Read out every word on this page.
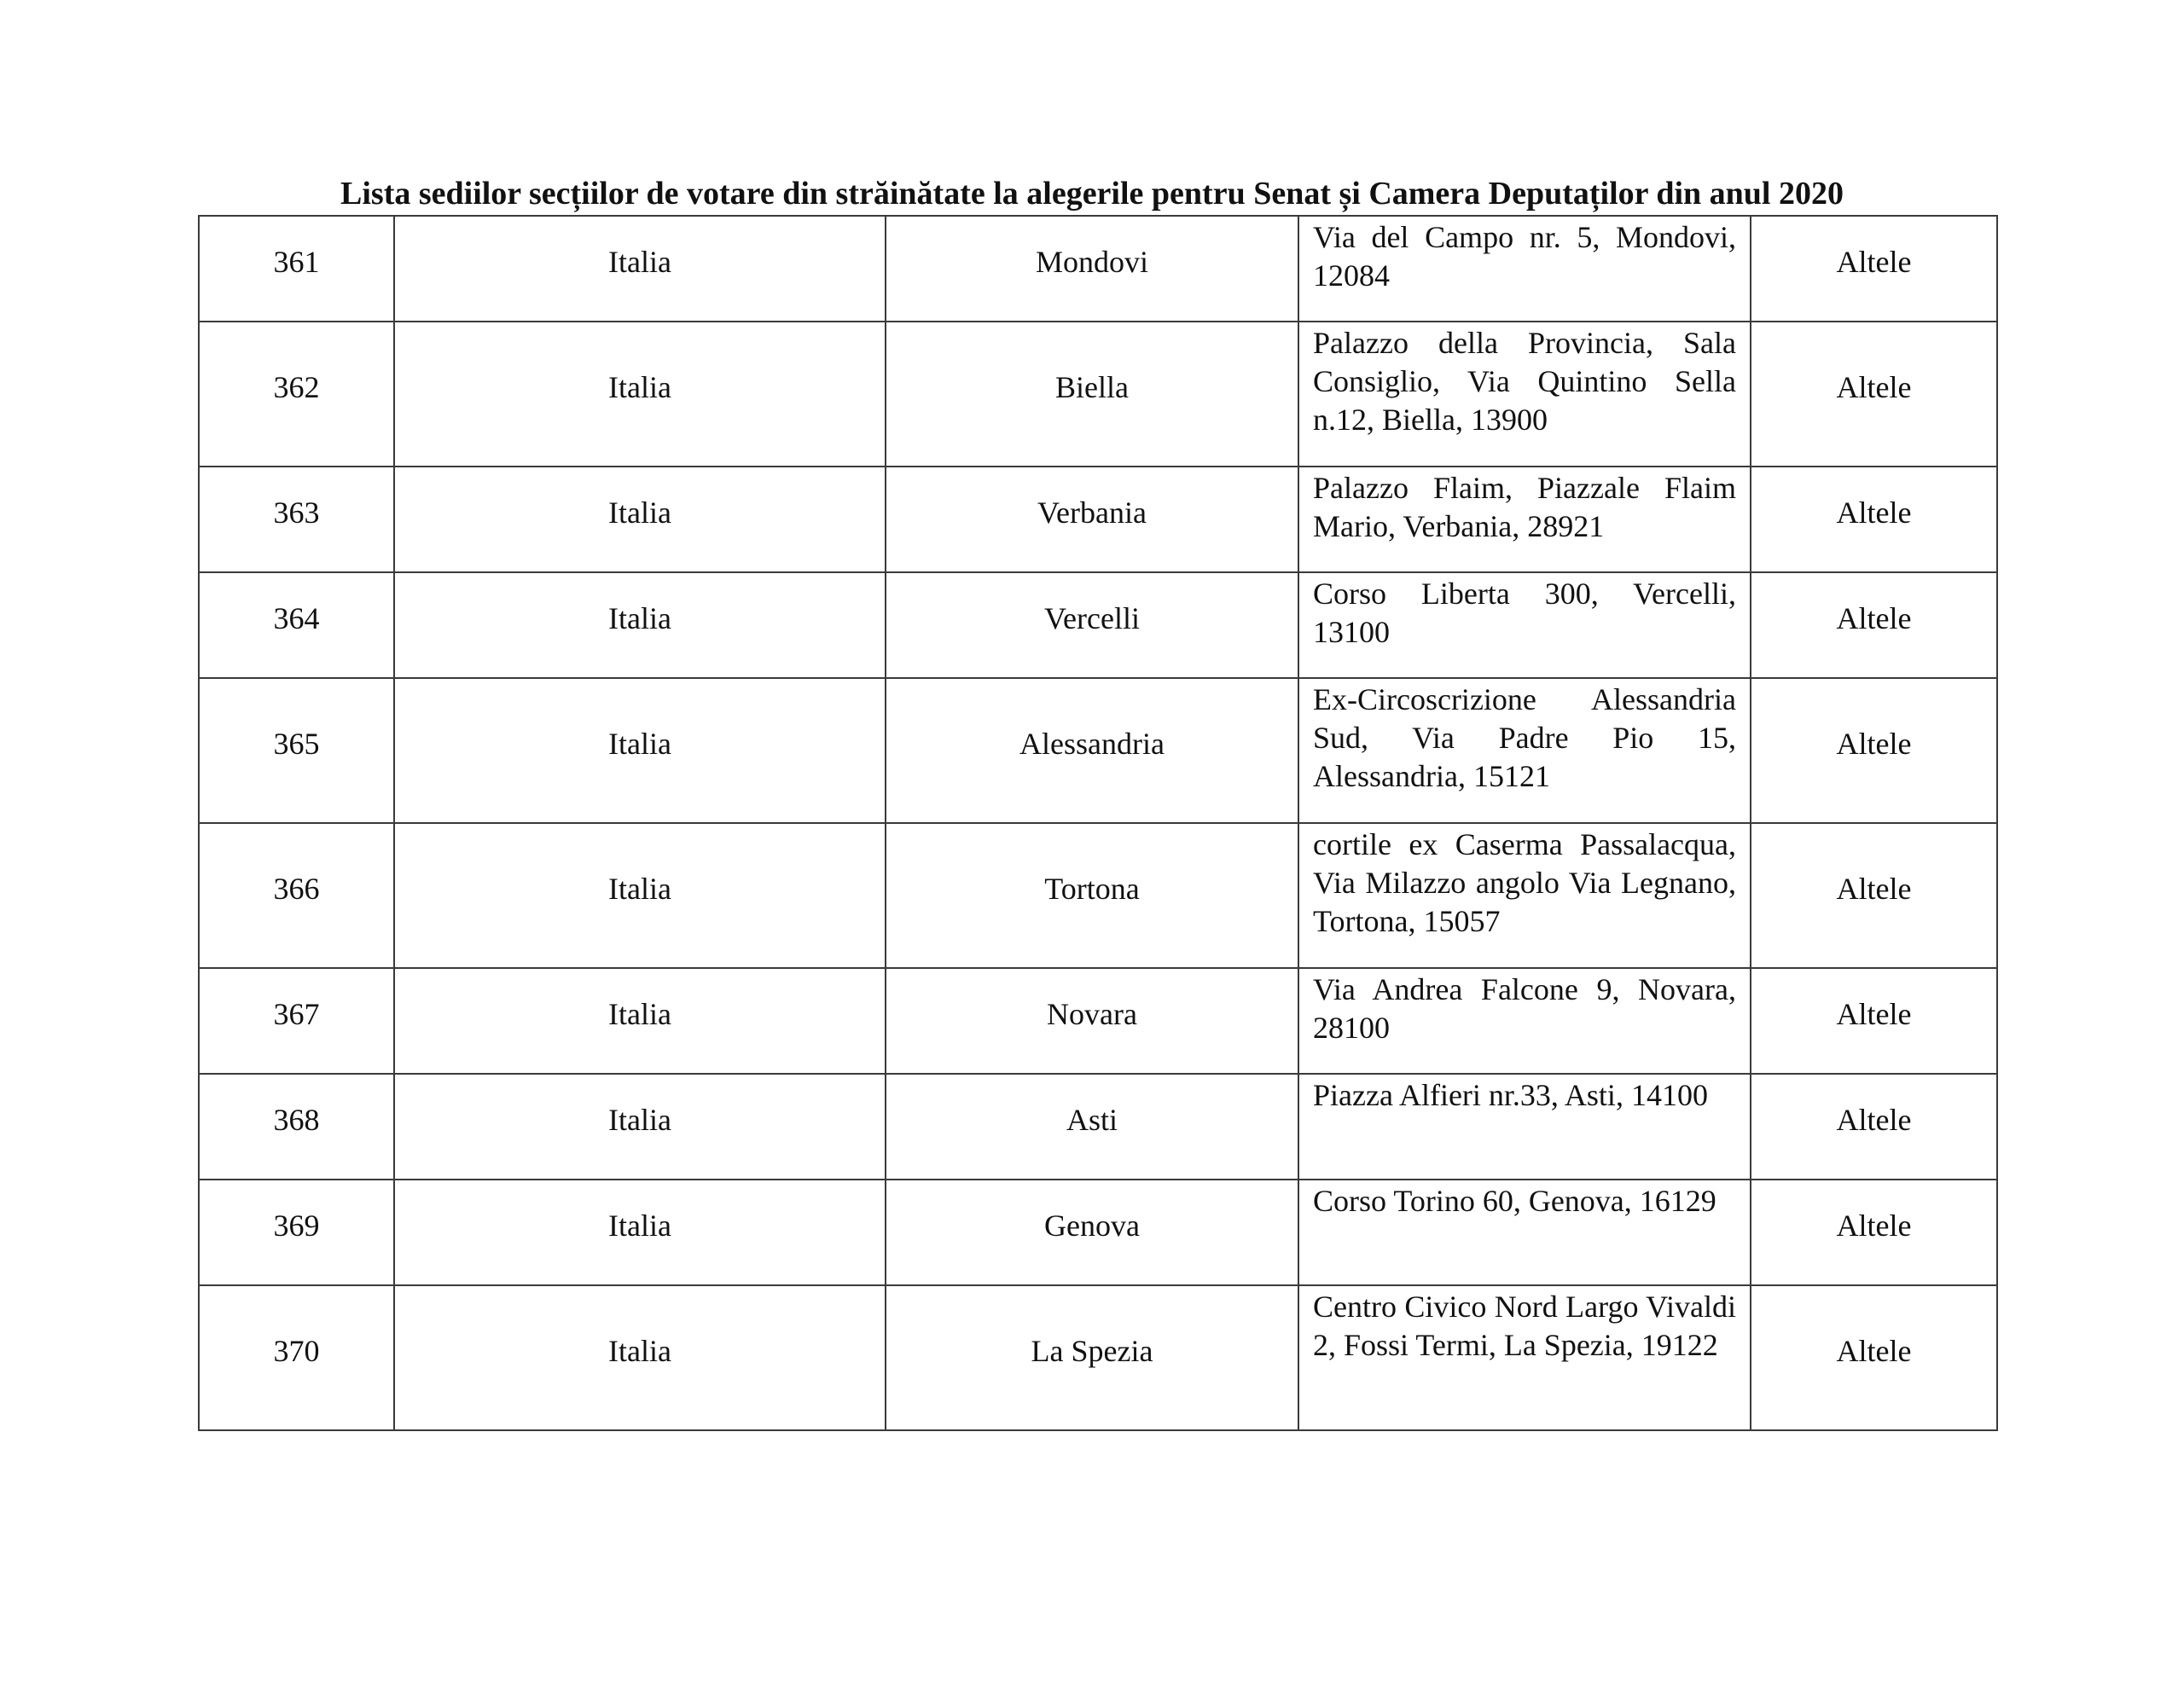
Lista sediilor secțiilor de votare din străinătate la alegerile pentru Senat și Camera Deputaților din anul 2020
361	Italia	Mondovi	Via del Campo nr. 5, Mondovi, 12084	Altele

362	Italia	Biella	Palazzo della Provincia, Sala Consiglio, Via Quintino Sella n.12, Biella, 13900	Altele

363	Italia	Verbania	Palazzo Flaim, Piazzale Flaim Mario, Verbania, 28921	Altele

364	Italia	Vercelli	Corso Liberta 300, Vercelli, 13100	Altele

365	Italia	Alessandria	Ex-Circoscrizione Alessandria Sud, Via Padre Pio 15, Alessandria, 15121	Altele

366	Italia	Tortona	cortile ex Caserma Passalacqua, Via Milazzo angolo Via Legnano, Tortona, 15057	Altele

367	Italia	Novara	Via Andrea Falcone 9, Novara, 28100	Altele

368	Italia	Asti	Piazza Alfieri nr.33, Asti, 14100	Altele

369	Italia	Genova	Corso Torino 60, Genova, 16129	Altele

370	Italia	La Spezia	Centro Civico Nord Largo Vivaldi 2, Fossi Termi, La Spezia, 19122	Altele
